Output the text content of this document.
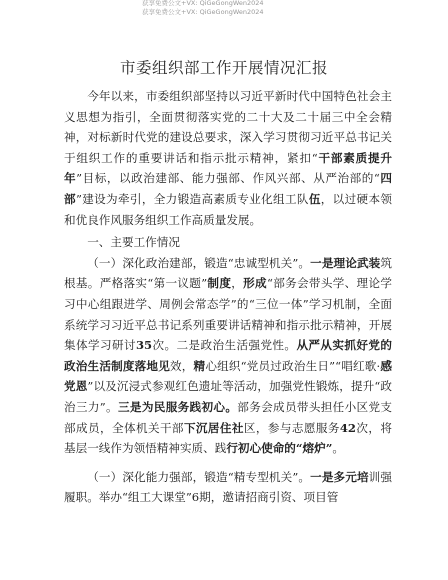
获享免费公文+VX: QiGeGongWen2024
获享免费公文+VX: QiGeGongWen2024
市委组织部工作开展情况汇报

今年以来，市委组织部坚持以习近平新时代中国特色社会主义思想为指引，全面贯彻落实党的二十大及二十届三中全会精神，对标新时代党的建设总要求，深入学习贯彻习近平总书记关于组织工作的重要讲话和指示批示精神，紧扣“干部素质提升年”目标，以政治建部、能力强部、作风兴部、从严治部的“四部”建设为牵引，全力锻造高素质专业化组工队伍，以过硬本领和优良作风服务组织工作高质量发展。

一、主要工作情况

（一）深化政治建部，锻造“忠诚型机关”。一是理论武装筑根基。严格落实“第一议题”制度，形成“部务会带头学、理论学习中心组跟进学、周例会常态学”的“三位一体”学习机制，全面系统学习习近平总书记系列重要讲话精神和指示批示精神，开展集体学习研讨35次。二是政治生活强党性。从严从实抓好党的政治生活制度落地见效，精心组织“党员过政治生日”“唱红歌·感党恩”以及沉浸式参观红色遗址等活动，加强党性锻炼，提升“政治三力”。三是为民服务践初心。部务会成员带头担任小区党支部成员，全体机关干部下沉居住社区，参与志愿服务42次，将基层一线作为领悟精神实质、践行初心使命的“熔炉”。

（一）深化能力强部，锻造“精专型机关”。一是多元培训强履职。举办“组工大课堂”6期，邀请招商引资、项目管
